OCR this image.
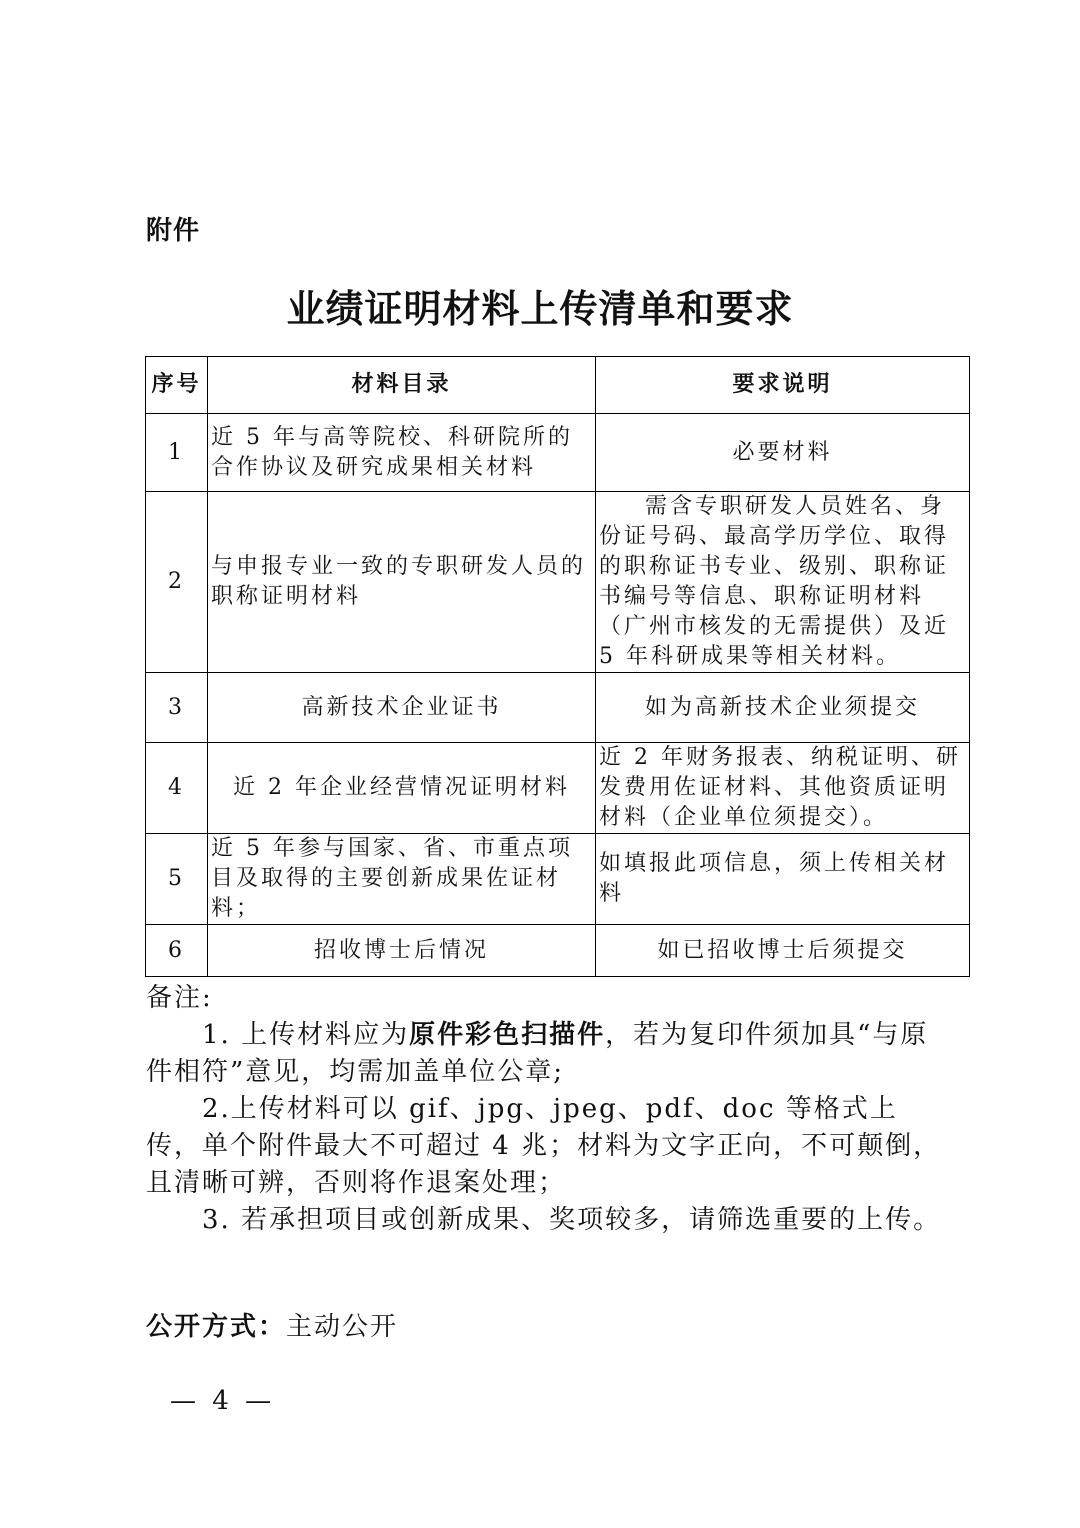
附件
业绩证明材料上传清单和要求
序号	材料目录	要求说明
1	近 5 年与高等院校、科研院所的合作协议及研究成果相关材料	必要材料
2	与申报专业一致的专职研发人员的职称证明材料	需含专职研发人员姓名、身份证号码、最高学历学位、取得的职称证书专业、级别、职称证书编号等信息、职称证明材料（广州市核发的无需提供）及近 5 年科研成果等相关材料。
3	高新技术企业证书	如为高新技术企业须提交
4	近 2 年企业经营情况证明材料	近 2 年财务报表、纳税证明、研发费用佐证材料、其他资质证明材料（企业单位须提交）。
5	近 5 年参与国家、省、市重点项目及取得的主要创新成果佐证材料；	如填报此项信息，须上传相关材料
6	招收博士后情况	如已招收博士后须提交

备注:

1. 上传材料应为原件彩色扫描件，若为复印件须加具“与原件相符”意见，均需加盖单位公章;

2.上传材料可以 gif、jpg、jpeg、pdf、doc 等格式上传，单个附件最大不可超过 4 兆；材料为文字正向，不可颠倒，且清晰可辨，否则将作退案处理；

3. 若承担项目或创新成果、奖项较多，请筛选重要的上传。

公开方式：主动公开
— 4 —
